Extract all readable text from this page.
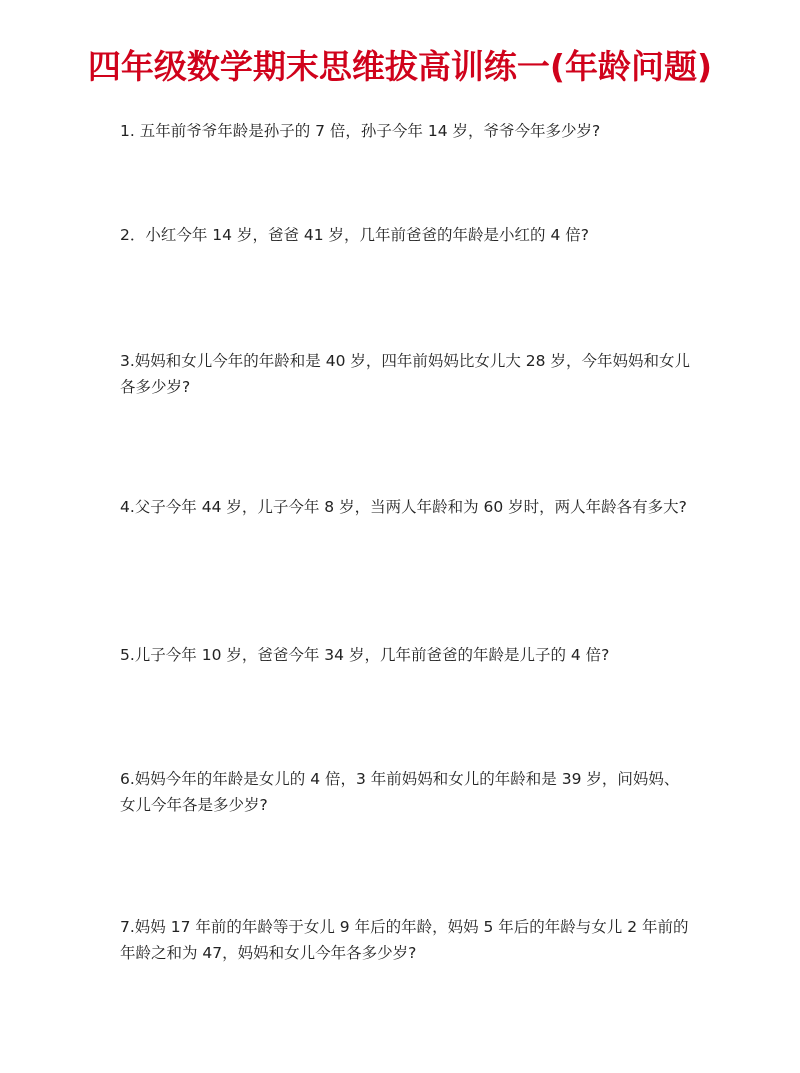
四年级数学期末思维拔高训练一(年龄问题)
1. 五年前爷爷年龄是孙子的 7 倍，孙子今年 14 岁，爷爷今年多少岁?
2．小红今年 14 岁，爸爸 41 岁，几年前爸爸的年龄是小红的 4 倍?
3.妈妈和女儿今年的年龄和是 40 岁，四年前妈妈比女儿大 28 岁，今年妈妈和女儿各多少岁?
4.父子今年 44 岁，儿子今年 8 岁，当两人年龄和为 60 岁时，两人年龄各有多大?
5.儿子今年 10 岁，爸爸今年 34 岁，几年前爸爸的年龄是儿子的 4 倍?
6.妈妈今年的年龄是女儿的 4 倍，3 年前妈妈和女儿的年龄和是 39 岁，问妈妈、女儿今年各是多少岁?
7.妈妈 17 年前的年龄等于女儿 9 年后的年龄，妈妈 5 年后的年龄与女儿 2 年前的年龄之和为 47，妈妈和女儿今年各多少岁?
